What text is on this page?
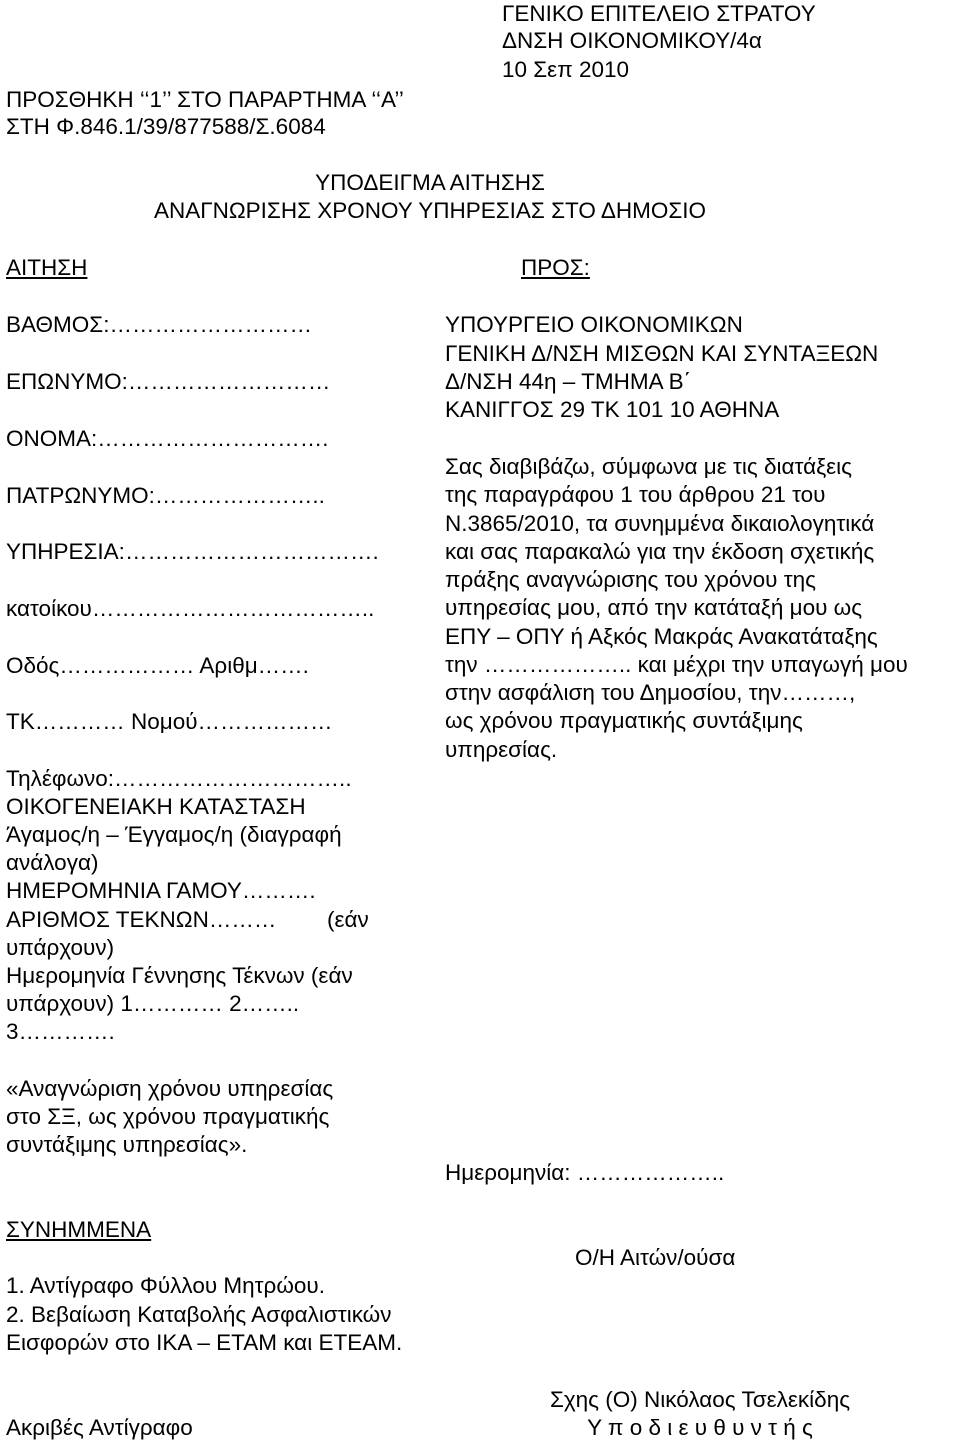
ΓΕΝΙΚΟ ΕΠΙΤΕΛΕΙΟ ΣΤΡΑΤΟΥ
ΔΝΣΗ ΟΙΚΟΝΟΜΙΚΟΥ/4α
10 Σεπ 2010
ΠΡΟΣΘΗΚΗ ‘‘1’’ ΣΤΟ ΠΑΡΑΡΤΗΜΑ ‘‘Α’’
ΣΤΗ Φ.846.1/39/877588/Σ.6084
ΥΠΟΔΕΙΓΜΑ ΑΙΤΗΣΗΣ
ΑΝΑΓΝΩΡΙΣΗΣ ΧΡΟΝΟΥ ΥΠΗΡΕΣΙΑΣ ΣΤΟ ΔΗΜΟΣΙΟ
ΑΙΤΗΣΗ	ΠΡΟΣ:
ΒΑΘΜΟΣ:………………………
ΕΠΩΝΥΜΟ:………………………
ΟΝΟΜΑ:………………………….
ΠΑΤΡΩΝΥΜΟ:…………………..
ΥΠΗΡΕΣΙΑ:…………………………….
κατοίκου………………………………..
Οδός……………… Αριθμ…….
ΤΚ………… Νομού………………
Τηλέφωνο:…………………………..
ΟΙΚΟΓΕΝΕΙΑΚΗ ΚΑΤΑΣΤΑΣΗ
Άγαμος/η – Έγγαμος/η (διαγραφή
ανάλογα)
ΗΜΕΡΟΜΗΝΙΑ ΓΑΜΟΥ……….
ΑΡΙΘΜΟΣ ΤΕΚΝΩΝ……… (εάν
υπάρχουν)
Ημερομηνία Γέννησης Τέκνων (εάν
υπάρχουν) 1………… 2……..
3………….
«Αναγνώριση χρόνου υπηρεσίας
στο ΣΞ, ως χρόνου πραγματικής
συντάξιμης υπηρεσίας».
ΣΥΝΗΜΜΕΝΑ
1. Αντίγραφο Φύλλου Μητρώου.
2. Βεβαίωση Καταβολής Ασφαλιστικών
Εισφορών στο ΙΚΑ – ΕΤΑΜ και ΕΤΕΑΜ.
Ακριβές Αντίγραφο
ΥΠΟΥΡΓΕΙΟ ΟΙΚΟΝΟΜΙΚΩΝ
ΓΕΝΙΚΗ Δ/ΝΣΗ ΜΙΣΘΩΝ ΚΑΙ ΣΥΝΤΑΞΕΩΝ
Δ/ΝΣΗ 44η – ΤΜΗΜΑ Β΄
ΚΑΝΙΓΓΟΣ 29 ΤΚ 101 10 ΑΘΗΝΑ
Σας διαβιβάζω, σύμφωνα με τις διατάξεις
της παραγράφου 1 του άρθρου 21 του
Ν.3865/2010, τα συνημμένα δικαιολογητικά
και σας παρακαλώ για την έκδοση σχετικής
πράξης αναγνώρισης του χρόνου της
υπηρεσίας μου, από την κατάταξή μου ως
ΕΠΥ – ΟΠΥ ή Αξκός Μακράς Ανακατάταξης
την ……………….. και μέχρι την υπαγωγή μου
στην ασφάλιση του Δημοσίου, την………,
ως χρόνου πραγματικής συντάξιμης
υπηρεσίας.
Ημερομηνία: ………………..
Ο/Η Αιτών/ούσα
Σχης (Ο) Νικόλαος Τσελεκίδης
Υ π ο δ ι ε υ θ υ ν τ ή ς
